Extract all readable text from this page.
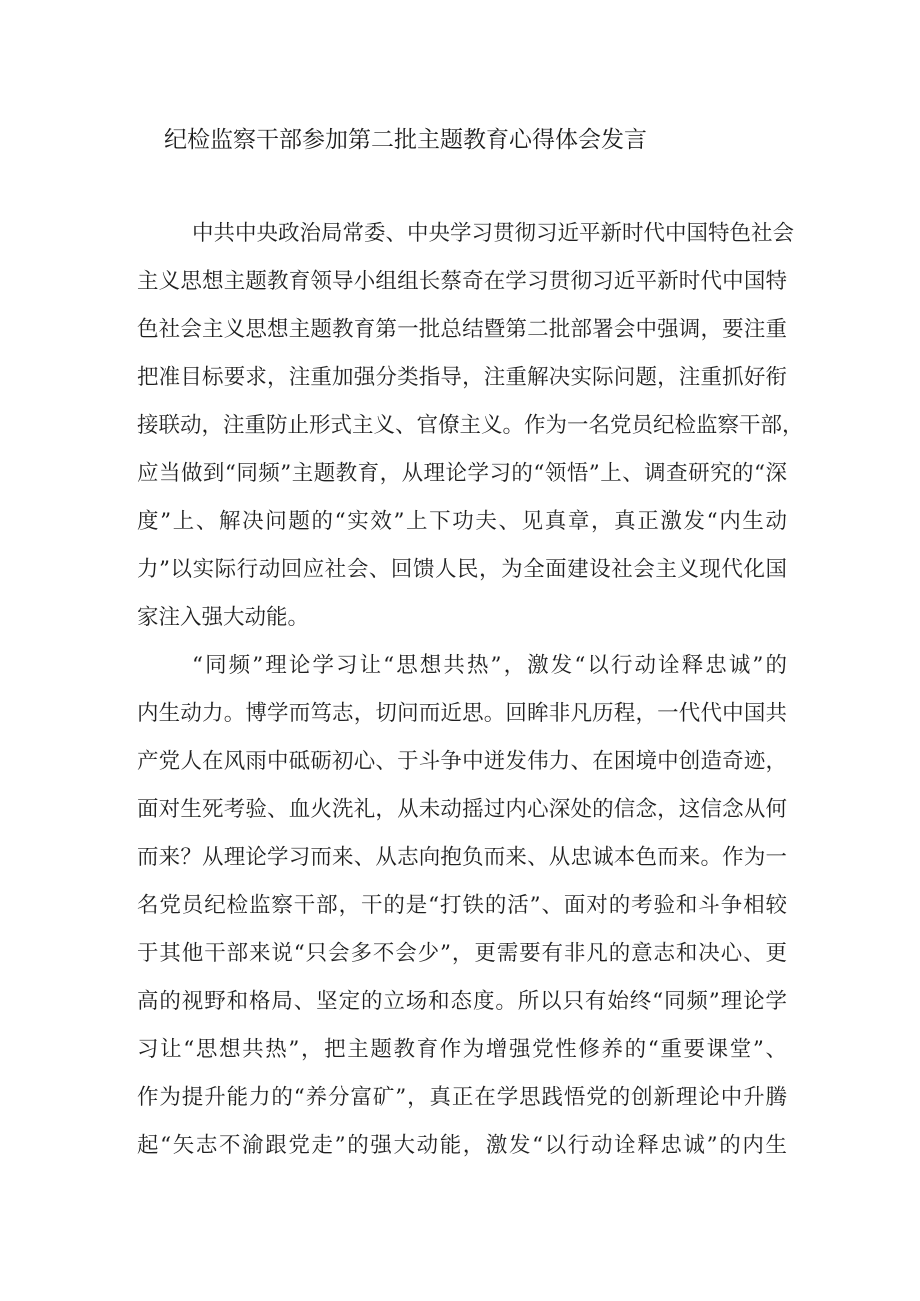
纪检监察干部参加第二批主题教育心得体会发言

中共中央政治局常委、中央学习贯彻习近平新时代中国特色社会

主义思想主题教育领导小组组长蔡奇在学习贯彻习近平新时代中国特

色社会主义思想主题教育第一批总结暨第二批部署会中强调，要注重

把准目标要求，注重加强分类指导，注重解决实际问题，注重抓好衔

接联动，注重防止形式主义、官僚主义。作为一名党员纪检监察干部，

应当做到“同频”主题教育，从理论学习的“领悟”上、调查研究的“深

度”上、解决问题的“实效”上下功夫、见真章，真正激发“内生动

力”以实际行动回应社会、回馈人民，为全面建设社会主义现代化国

家注入强大动能。

“同频”理论学习让“思想共热”，激发“以行动诠释忠诚”的

内生动力。博学而笃志，切问而近思。回眸非凡历程，一代代中国共

产党人在风雨中砥砺初心、于斗争中迸发伟力、在困境中创造奇迹，

面对生死考验、血火洗礼，从未动摇过内心深处的信念，这信念从何

而来？从理论学习而来、从志向抱负而来、从忠诚本色而来。作为一

名党员纪检监察干部，干的是“打铁的活”、面对的考验和斗争相较

于其他干部来说“只会多不会少”，更需要有非凡的意志和决心、更

高的视野和格局、坚定的立场和态度。所以只有始终“同频”理论学

习让“思想共热”，把主题教育作为增强党性修养的“重要课堂”、

作为提升能力的“养分富矿”，真正在学思践悟党的创新理论中升腾

起“矢志不渝跟党走”的强大动能，激发“以行动诠释忠诚”的内生
